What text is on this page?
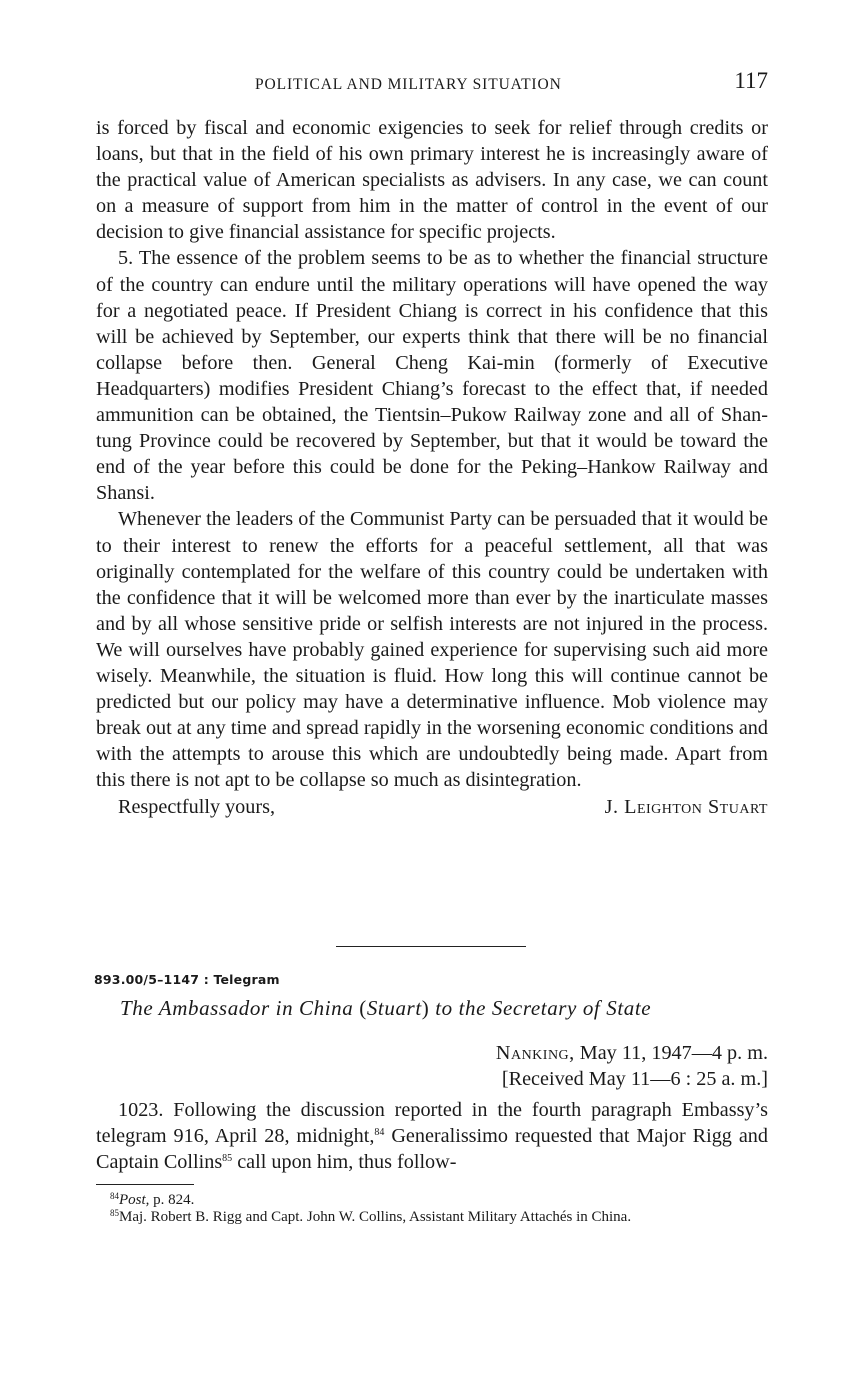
POLITICAL AND MILITARY SITUATION	117

is forced by fiscal and economic exigencies to seek for relief through credits or loans, but that in the field of his own primary interest he is increasingly aware of the practical value of American specialists as advisers. In any case, we can count on a measure of support from him in the matter of control in the event of our decision to give financial assistance for specific projects.

5. The essence of the problem seems to be as to whether the financial structure of the country can endure until the military operations will have opened the way for a negotiated peace. If President Chiang is correct in his confidence that this will be achieved by September, our experts think that there will be no financial collapse before then. General Cheng Kai-min (formerly of Executive Headquarters) modifies President Chiang’s forecast to the effect that, if needed ammunition can be obtained, the Tientsin–Pukow Railway zone and all of Shantung Province could be recovered by September, but that it would be toward the end of the year before this could be done for the Peking–Hankow Railway and Shansi.

Whenever the leaders of the Communist Party can be persuaded that it would be to their interest to renew the efforts for a peaceful settlement, all that was originally contemplated for the welfare of this country could be undertaken with the confidence that it will be welcomed more than ever by the inarticulate masses and by all whose sensitive pride or selfish interests are not injured in the process. We will ourselves have probably gained experience for supervising such aid more wisely. Meanwhile, the situation is fluid. How long this will continue cannot be predicted but our policy may have a determinative influence. Mob violence may break out at any time and spread rapidly in the worsening economic conditions and with the attempts to arouse this which are undoubtedly being made. Apart from this there is not apt to be collapse so much as disintegration.

Respectfully yours,	J. Leighton Stuart
893.00/5–1147 : Telegram
The Ambassador in China (Stuart) to the Secretary of State
Nanking, May 11, 1947—4 p. m.
[Received May 11—6 : 25 a. m.]

1023. Following the discussion reported in the fourth paragraph Embassy’s telegram 916, April 28, midnight,$^{84}$ Generalissimo requested that Major Rigg and Captain Collins$^{85}$ call upon him, thus follow-

$^{84}$Post, p. 824.

$^{85}$Maj. Robert B. Rigg and Capt. John W. Collins, Assistant Military Attachés in China.
